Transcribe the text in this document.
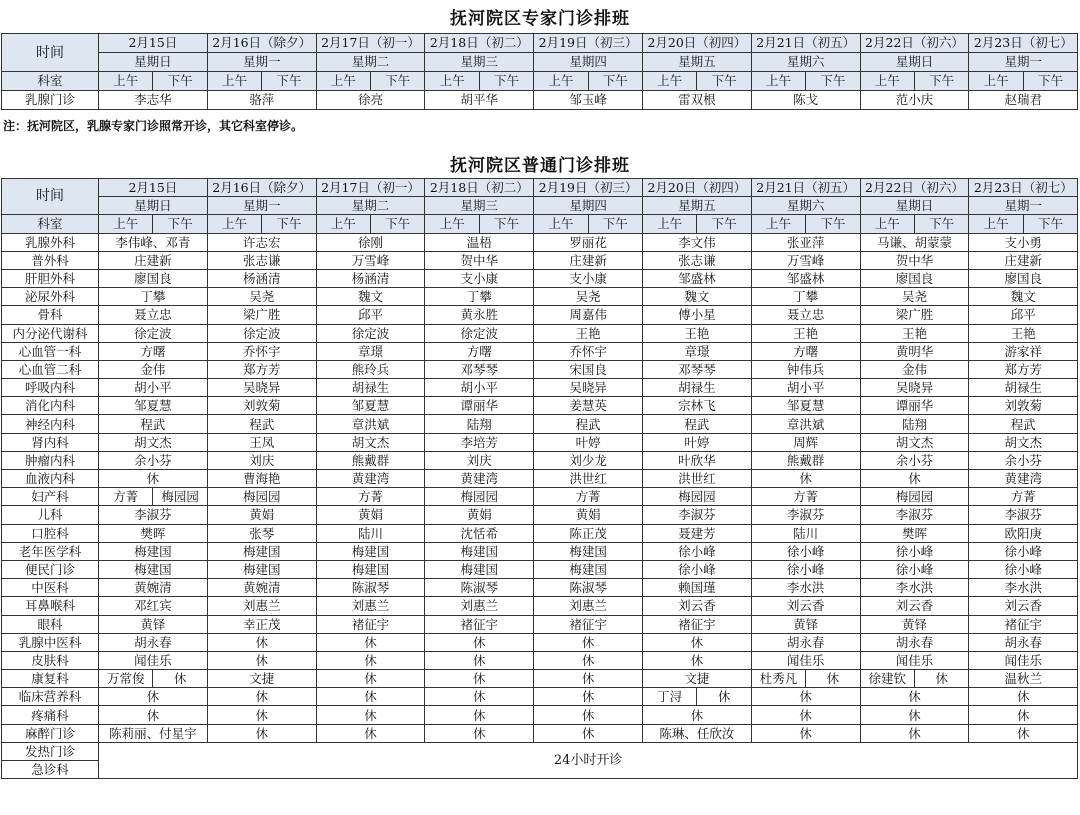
抚河院区专家门诊排班
时间	2月15日		2月16日（除夕）		2月17日（初一）		2月18日（初二）		2月19日（初三）		2月20日（初四）		2月21日（初五）		2月22日（初六）		2月23日（初七）	
	星期日		星期一		星期二		星期三		星期四		星期五		星期六		星期日		星期一	
科室	上午	下午	上午	下午	上午	下午	上午	下午	上午	下午	上午	下午	上午	下午	上午	下午	上午	下午
乳腺门诊	李志华		骆萍		徐亮		胡平华		邹玉峰		雷双根		陈戈		范小庆		赵瑞君	
注：抚河院区，乳腺专家门诊照常开诊，其它科室停诊。
抚河院区普通门诊排班
时间	2月15日		2月16日（除夕）		2月17日（初一）		2月18日（初二）		2月19日（初三）		2月20日（初四）		2月21日（初五）		2月22日（初六）		2月23日（初七）	
	星期日		星期一		星期二		星期三		星期四		星期五		星期六		星期日		星期一	
科室	上午	下午	上午	下午	上午	下午	上午	下午	上午	下午	上午	下午	上午	下午	上午	下午	上午	下午
乳腺外科	李伟峰、邓青		许志宏		徐刚		温梧		罗丽花		李文伟		张亚萍		马谦、胡蒙蒙		支小勇	
普外科	庄建新		张志谦		万雪峰		贺中华		庄建新		张志谦		万雪峰		贺中华		庄建新	
肝胆外科	廖国良		杨涵清		杨涵清		支小康		支小康		邹盛林		邹盛林		廖国良		廖国良	
泌尿外科	丁攀		吴尧		魏文		丁攀		吴尧		魏文		丁攀		吴尧		魏文	
骨科	聂立忠		梁广胜		邱平		黄永胜		周嘉伟		傅小星		聂立忠		梁广胜		邱平	
内分泌代谢科	徐定波		徐定波		徐定波		徐定波		王艳		王艳		王艳		王艳		王艳	
心血管一科	方曙		乔怀宇		章璟		方曙		乔怀宇		章璟		方曙		黄明华		游家祥	
心血管二科	金伟		郑方芳		熊玲兵		邓琴琴		宋国良		邓琴琴		钟伟兵		金伟		郑方芳	
呼吸内科	胡小平		吴晓异		胡禄生		胡小平		吴晓异		胡禄生		胡小平		吴晓异		胡禄生	
消化内科	邹夏慧		刘敦菊		邹夏慧		谭丽华		姜慧英		宗林飞		邹夏慧		谭丽华		刘敦菊	
神经内科	程武		程武		章洪斌		陆翔		程武		程武		章洪斌		陆翔		程武	
肾内科	胡文杰		王凤		胡文杰		李培芳		叶婷		叶婷		周辉		胡文杰		胡文杰	
肿瘤内科	余小芬		刘庆		熊戴群		刘庆		刘少龙		叶欣华		熊戴群		余小芬		余小芬	
血液内科	休		曹海艳		黄建湾		黄建湾		洪世红		洪世红		休		休		黄建湾	
妇产科	方菁	梅园园	梅园园		方菁		梅园园		方菁		梅园园		方菁		梅园园		方菁	
儿科	李淑芬		黄娟		黄娟		黄娟		黄娟		李淑芬		李淑芬		李淑芬		李淑芬	
口腔科	樊晖		张琴		陆川		沈恬希		陈正茂		聂建芳		陆川		樊晖		欧阳庚	
老年医学科	梅建国		梅建国		梅建国		梅建国		梅建国		徐小峰		徐小峰		徐小峰		徐小峰	
便民门诊	梅建国		梅建国		梅建国		梅建国		梅建国		徐小峰		徐小峰		徐小峰		徐小峰	
中医科	黄婉清		黄婉清		陈淑琴		陈淑琴		陈淑琴		赖国瑾		李水洪		李水洪		李水洪	
耳鼻喉科	邓红宾		刘惠兰		刘惠兰		刘惠兰		刘惠兰		刘云香		刘云香		刘云香		刘云香	
眼科	黄铎		幸正茂		褚征宇		褚征宇		褚征宇		褚征宇		黄铎		黄铎		褚征宇	
乳腺中医科	胡永春		休		休		休		休		休		胡永春		胡永春		胡永春	
皮肤科	闻佳乐		休		休		休		休		休		闻佳乐		闻佳乐		闻佳乐	
康复科	万常俊	休	文捷		休		休		休		文捷		杜秀凡	休	徐建钦	休	温秋兰	
临床营养科	休		休		休		休		休		丁浔	休	休		休		休	
疼痛科	休		休		休		休		休		休		休		休		休	
麻醉门诊	陈莉丽、付星宇		休		休		休		休		陈琳、任欣汝		休		休		休	
发热门诊	24小时开诊																	
急诊科																		
